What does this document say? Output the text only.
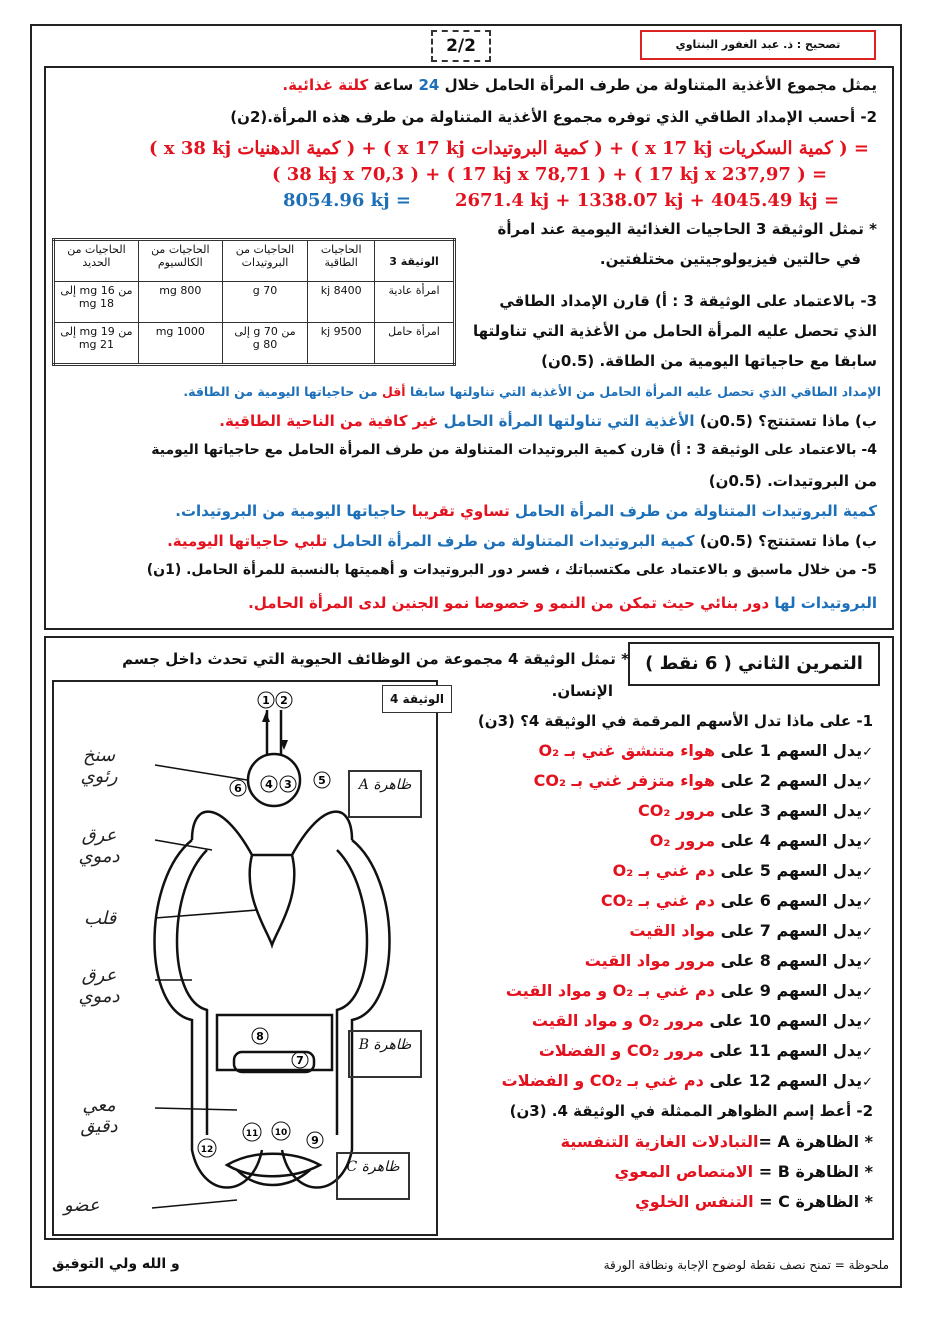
تصحيح : ذ. عبد الغفور البنتاوي
2/2
يمثل مجموع الأغذية المتناولة من طرف المرأة الحامل خلال 24 ساعة كلتة غذائية.
2- أحسب الإمداد الطاقي الذي توفره مجموع الأغذية المتناولة من طرف هذه المرأة.(2ن)
= ( كمية السكريات x 17 kj ) + ( كمية البروتيدات x 17 kj ) + ( كمية الدهنيات x 38 kj )
( 38 kj x 70,3 ) + ( 17 kj x 78,71 ) + ( 17 kj x 237,97 ) =
2671.4 kj + 1338.07 kj + 4045.49 kj =
8054.96 kj =
* تمثل الوثيقة 3 الحاجيات الغذائية اليومية عند امرأة
في حالتين فيزيولوجيتين مختلفتين.
الوثيقة 3	الحاجيات الطاقية	الحاجيات من البروتيدات	الحاجيات من الكالسيوم	الحاجيات من الحديد
امرأة عادية	8400 kj	70 g	800 mg	من 16 mg إلى 18 mg
امرأة حامل	9500 kj	من 70 g إلى 80 g	1000 mg	من 19 mg إلى 21 mg
3- بالاعتماد على الوثيقة 3 : أ) قارن الإمداد الطاقي
الذي تحصل عليه المرأة الحامل من الأغذية التي تناولتها
سابقا مع حاجياتها اليومية من الطاقة. (0.5ن)
الإمداد الطاقي الذي تحصل عليه المرأة الحامل من الأغذية التي تناولتها سابقا أقل من حاجياتها اليومية من الطاقة.
ب) ماذا تستنتج؟ (0.5ن) الأغذية التي تناولتها المرأة الحامل غير كافية من الناحية الطاقية.
4- بالاعتماد على الوثيقة 3 : أ) قارن كمية البروتيدات المتناولة من طرف المرأة الحامل مع حاجياتها اليومية
من البروتيدات. (0.5ن)
كمية البروتيدات المتناولة من طرف المرأة الحامل تساوي تقريبا حاجياتها اليومية من البروتيدات.
ب) ماذا تستنتج؟ (0.5ن) كمية البروتيدات المتناولة من طرف المرأة الحامل تلبي حاجياتها اليومية.
5- من خلال ماسبق و بالاعتماد على مكتسباتك ، فسر دور البروتيدات و أهميتها بالنسبة للمرأة الحامل. (1ن)
البروتيدات لها دور بنائي حيث تمكن من النمو و خصوصا نمو الجنين لدى المرأة الحامل.
التمرين الثاني ( 6 نقط )
* تمثل الوثيقة 4 مجموعة من الوظائف الحيوية التي تحدث داخل جسم
الإنسان.
الوثيقة 4
1 2
3
4	5
6
7
8
9
10
11
12
سنخ رئوي
عرق دموي
قلب
عرق دموي
معي دقيق
عضو
ظاهرة A
ظاهرة B
ظاهرة C
1- على ماذا تدل الأسهم المرقمة في الوثيقة 4؟ (3ن)
✓يدل السهم 1 على هواء متنشق غني بـ O₂
✓يدل السهم 2 على هواء متزفر غني بـ CO₂
✓يدل السهم 3 على مرور CO₂
✓يدل السهم 4 على مرور O₂
✓يدل السهم 5 على دم غني بـ O₂
✓يدل السهم 6 على دم غني بـ CO₂
✓يدل السهم 7 على مواد القيت
✓يدل السهم 8 على مرور مواد القيت
✓يدل السهم 9 على دم غني بـ O₂ و مواد القيت
✓يدل السهم 10 على مرور O₂ و مواد القيت
✓يدل السهم 11 على مرور CO₂ و الفضلات
✓يدل السهم 12 على دم غني بـ CO₂ و الفضلات
2- أعط إسم الظواهر الممثلة في الوثيقة 4. (3ن)
* الظاهرة A =التبادلات الغازية التنفسية
* الظاهرة B = الامتصاص المعوي
* الظاهرة C = التنفس الخلوي
ملحوظة = تمنح نصف نقطة لوضوح الإجابة ونظافة الورقة
و الله ولي التوفيق
